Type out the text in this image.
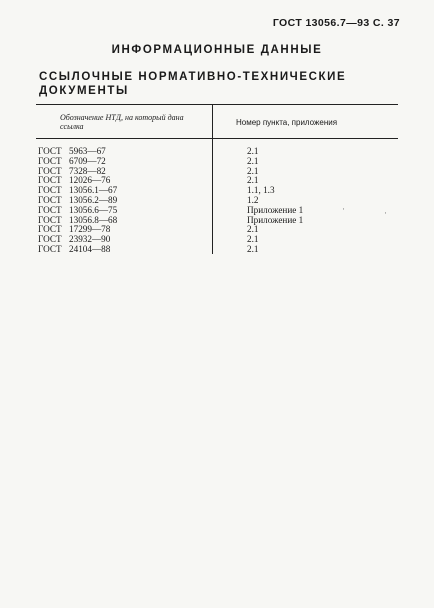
ГОСТ 13056.7—93 С. 37
ИНФОРМАЦИОННЫЕ ДАННЫЕ
ССЫЛОЧНЫЕ НОРМАТИВНО-ТЕХНИЧЕСКИЕ ДОКУМЕНТЫ
Обозначение НТД, на который дана ссылка	Номер пункта, приложения
ГОСТ 5963—67	2.1
ГОСТ 6709—72	2.1
ГОСТ 7328—82	2.1
ГОСТ 12026—76	2.1
ГОСТ 13056.1—67	1.1, 1.3
ГОСТ 13056.2—89	1.2
ГОСТ 13056.6—75	Приложение 1
ГОСТ 13056.8—68	Приложение 1
ГОСТ 17299—78	2.1
ГОСТ 23932—90	2.1
ГОСТ 24104—88	2.1
·	·
